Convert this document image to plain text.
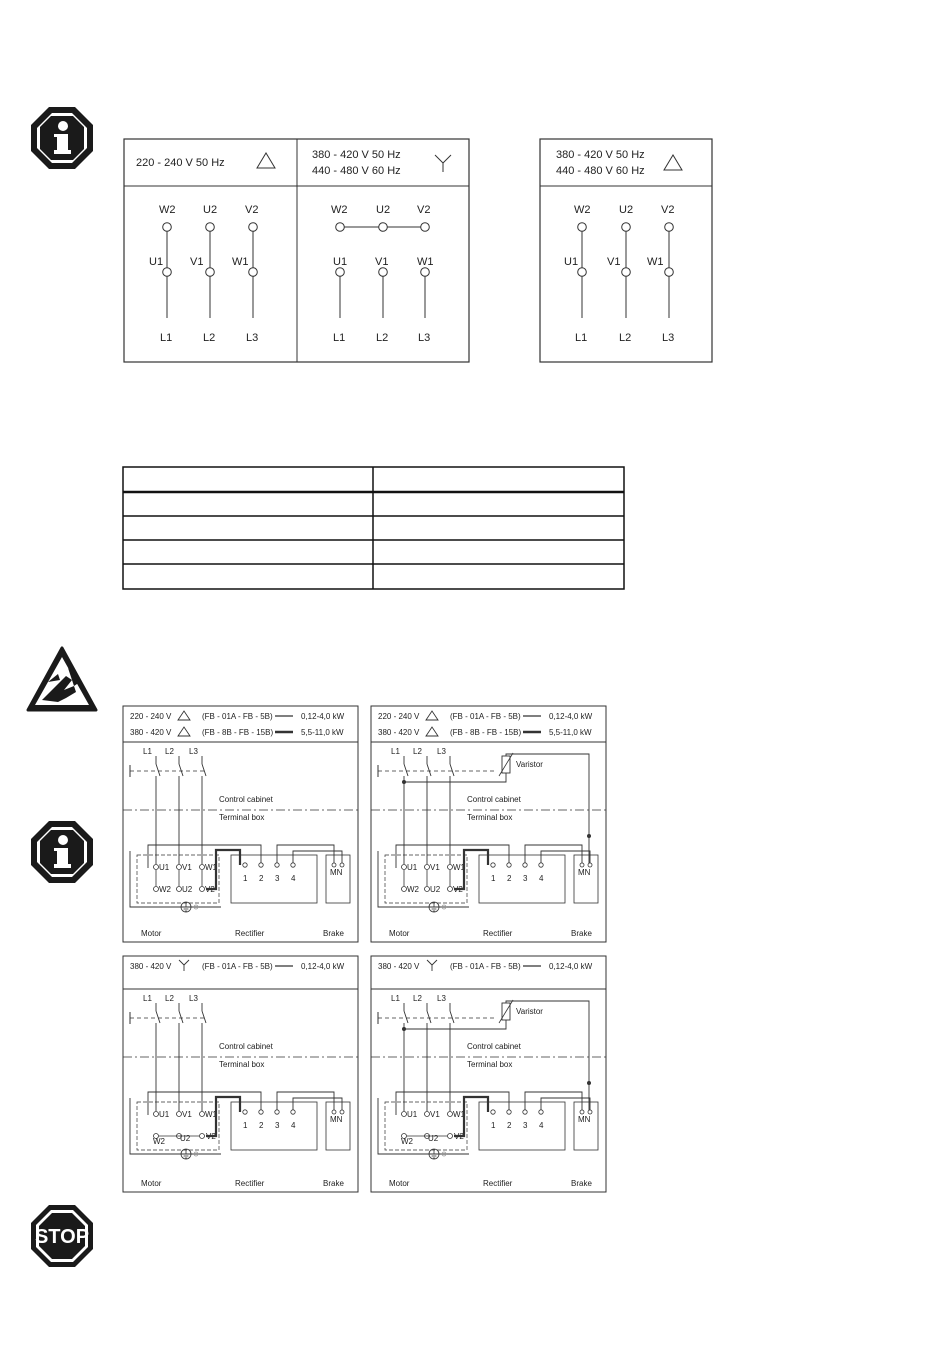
220 - 240 V 50 Hz
W2	U2	V2
U1 V1	W1
L1	L2	L3
380 - 420 V 50 Hz
440 - 480 V 60 Hz
W2	U2 V2
U1	V1	W1
L1	L2	L3
380 - 420 V 50 Hz
440 - 480 V 60 Hz
W2	U2	V2
U1	V1 W1
L1	L2	L3
220 - 240 V	(FB - 01A - FB - 5B)	0,12-4,0 kW
380 - 420 V	(FB - 8B - FB - 15B)	5,5-11,0 kW
L1 L2 L3
Control cabinet
Terminal box
U1 V1 W1
W2 U2 V2
1 2 3 4
MN
Motor	Rectifier	Brake
220 - 240 V	(FB - 01A - FB - 5B)	0,12-4,0 kW
380 - 420 V	(FB - 8B - FB - 15B)	5,5-11,0 kW
L1 L2 L3
Control cabinet
Terminal box
U1 V1 W1
W2 U2 V2
1 2 3 4
MN
Varistor
Motor	Rectifier	Brake
380 - 420 V	(FB - 01A - FB - 5B)	0,12-4,0 kW
L1 L2 L3
Control cabinet
Terminal box
U1 V1 W1
W2 U2 V2
1 2 3 4
MN
Motor	Rectifier	Brake
380 - 420 V	(FB - 01A - FB - 5B)	0,12-4,0 kW
L1 L2 L3
Control cabinet
Terminal box
U1 V1 W1
W2 U2 V2
1 2 3 4
MN
Varistor
Motor	Rectifier	Brake
STOP
